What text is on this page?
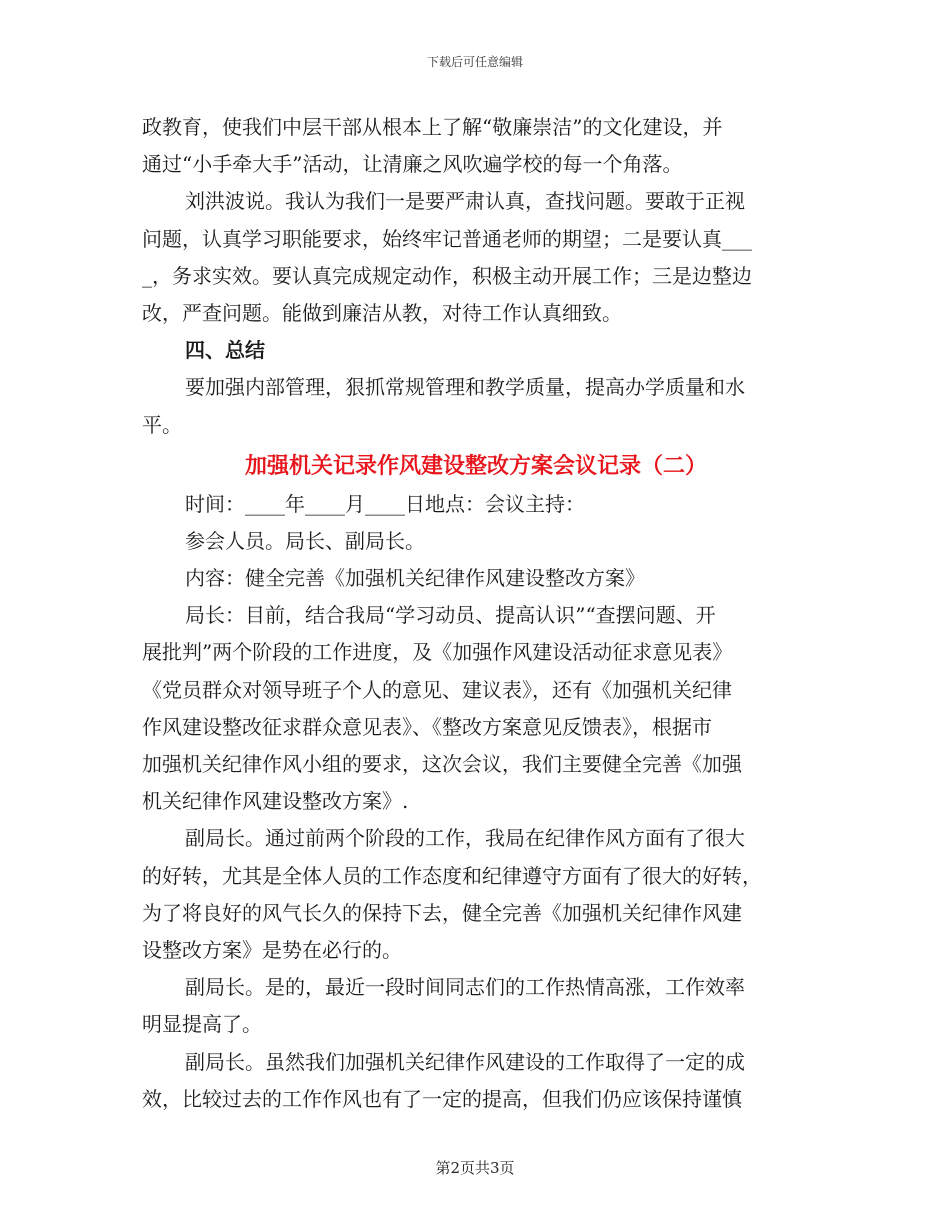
下载后可任意编辑
政教育，使我们中层干部从根本上了解“敬廉崇洁”的文化建设，并
通过“小手牵大手”活动，让清廉之风吹遍学校的每一个角落。
刘洪波说。我认为我们一是要严肃认真，查找问题。要敢于正视
问题，认真学习职能要求，始终牢记普通老师的期望；二是要认真___
_，务求实效。要认真完成规定动作，积极主动开展工作；三是边整边
改，严查问题。能做到廉洁从教，对待工作认真细致。
四、总结
要加强内部管理，狠抓常规管理和教学质量，提高办学质量和水
平。
加强机关记录作风建设整改方案会议记录（二）
时间：____年____月____日地点：会议主持：
参会人员。局长、副局长。
内容：健全完善《加强机关纪律作风建设整改方案》
局长：目前，结合我局“学习动员、提高认识”“查摆问题、开
展批判”两个阶段的工作进度，及《加强作风建设活动征求意见表》
《党员群众对领导班子个人的意见、建议表》，还有《加强机关纪律
作风建设整改征求群众意见表》、《整改方案意见反馈表》，根据市
加强机关纪律作风小组的要求，这次会议，我们主要健全完善《加强
机关纪律作风建设整改方案》.
副局长。通过前两个阶段的工作，我局在纪律作风方面有了很大
的好转，尤其是全体人员的工作态度和纪律遵守方面有了很大的好转，
为了将良好的风气长久的保持下去，健全完善《加强机关纪律作风建
设整改方案》是势在必行的。
副局长。是的，最近一段时间同志们的工作热情高涨，工作效率
明显提高了。
副局长。虽然我们加强机关纪律作风建设的工作取得了一定的成
效，比较过去的工作作风也有了一定的提高，但我们仍应该保持谨慎
第2页共3页
